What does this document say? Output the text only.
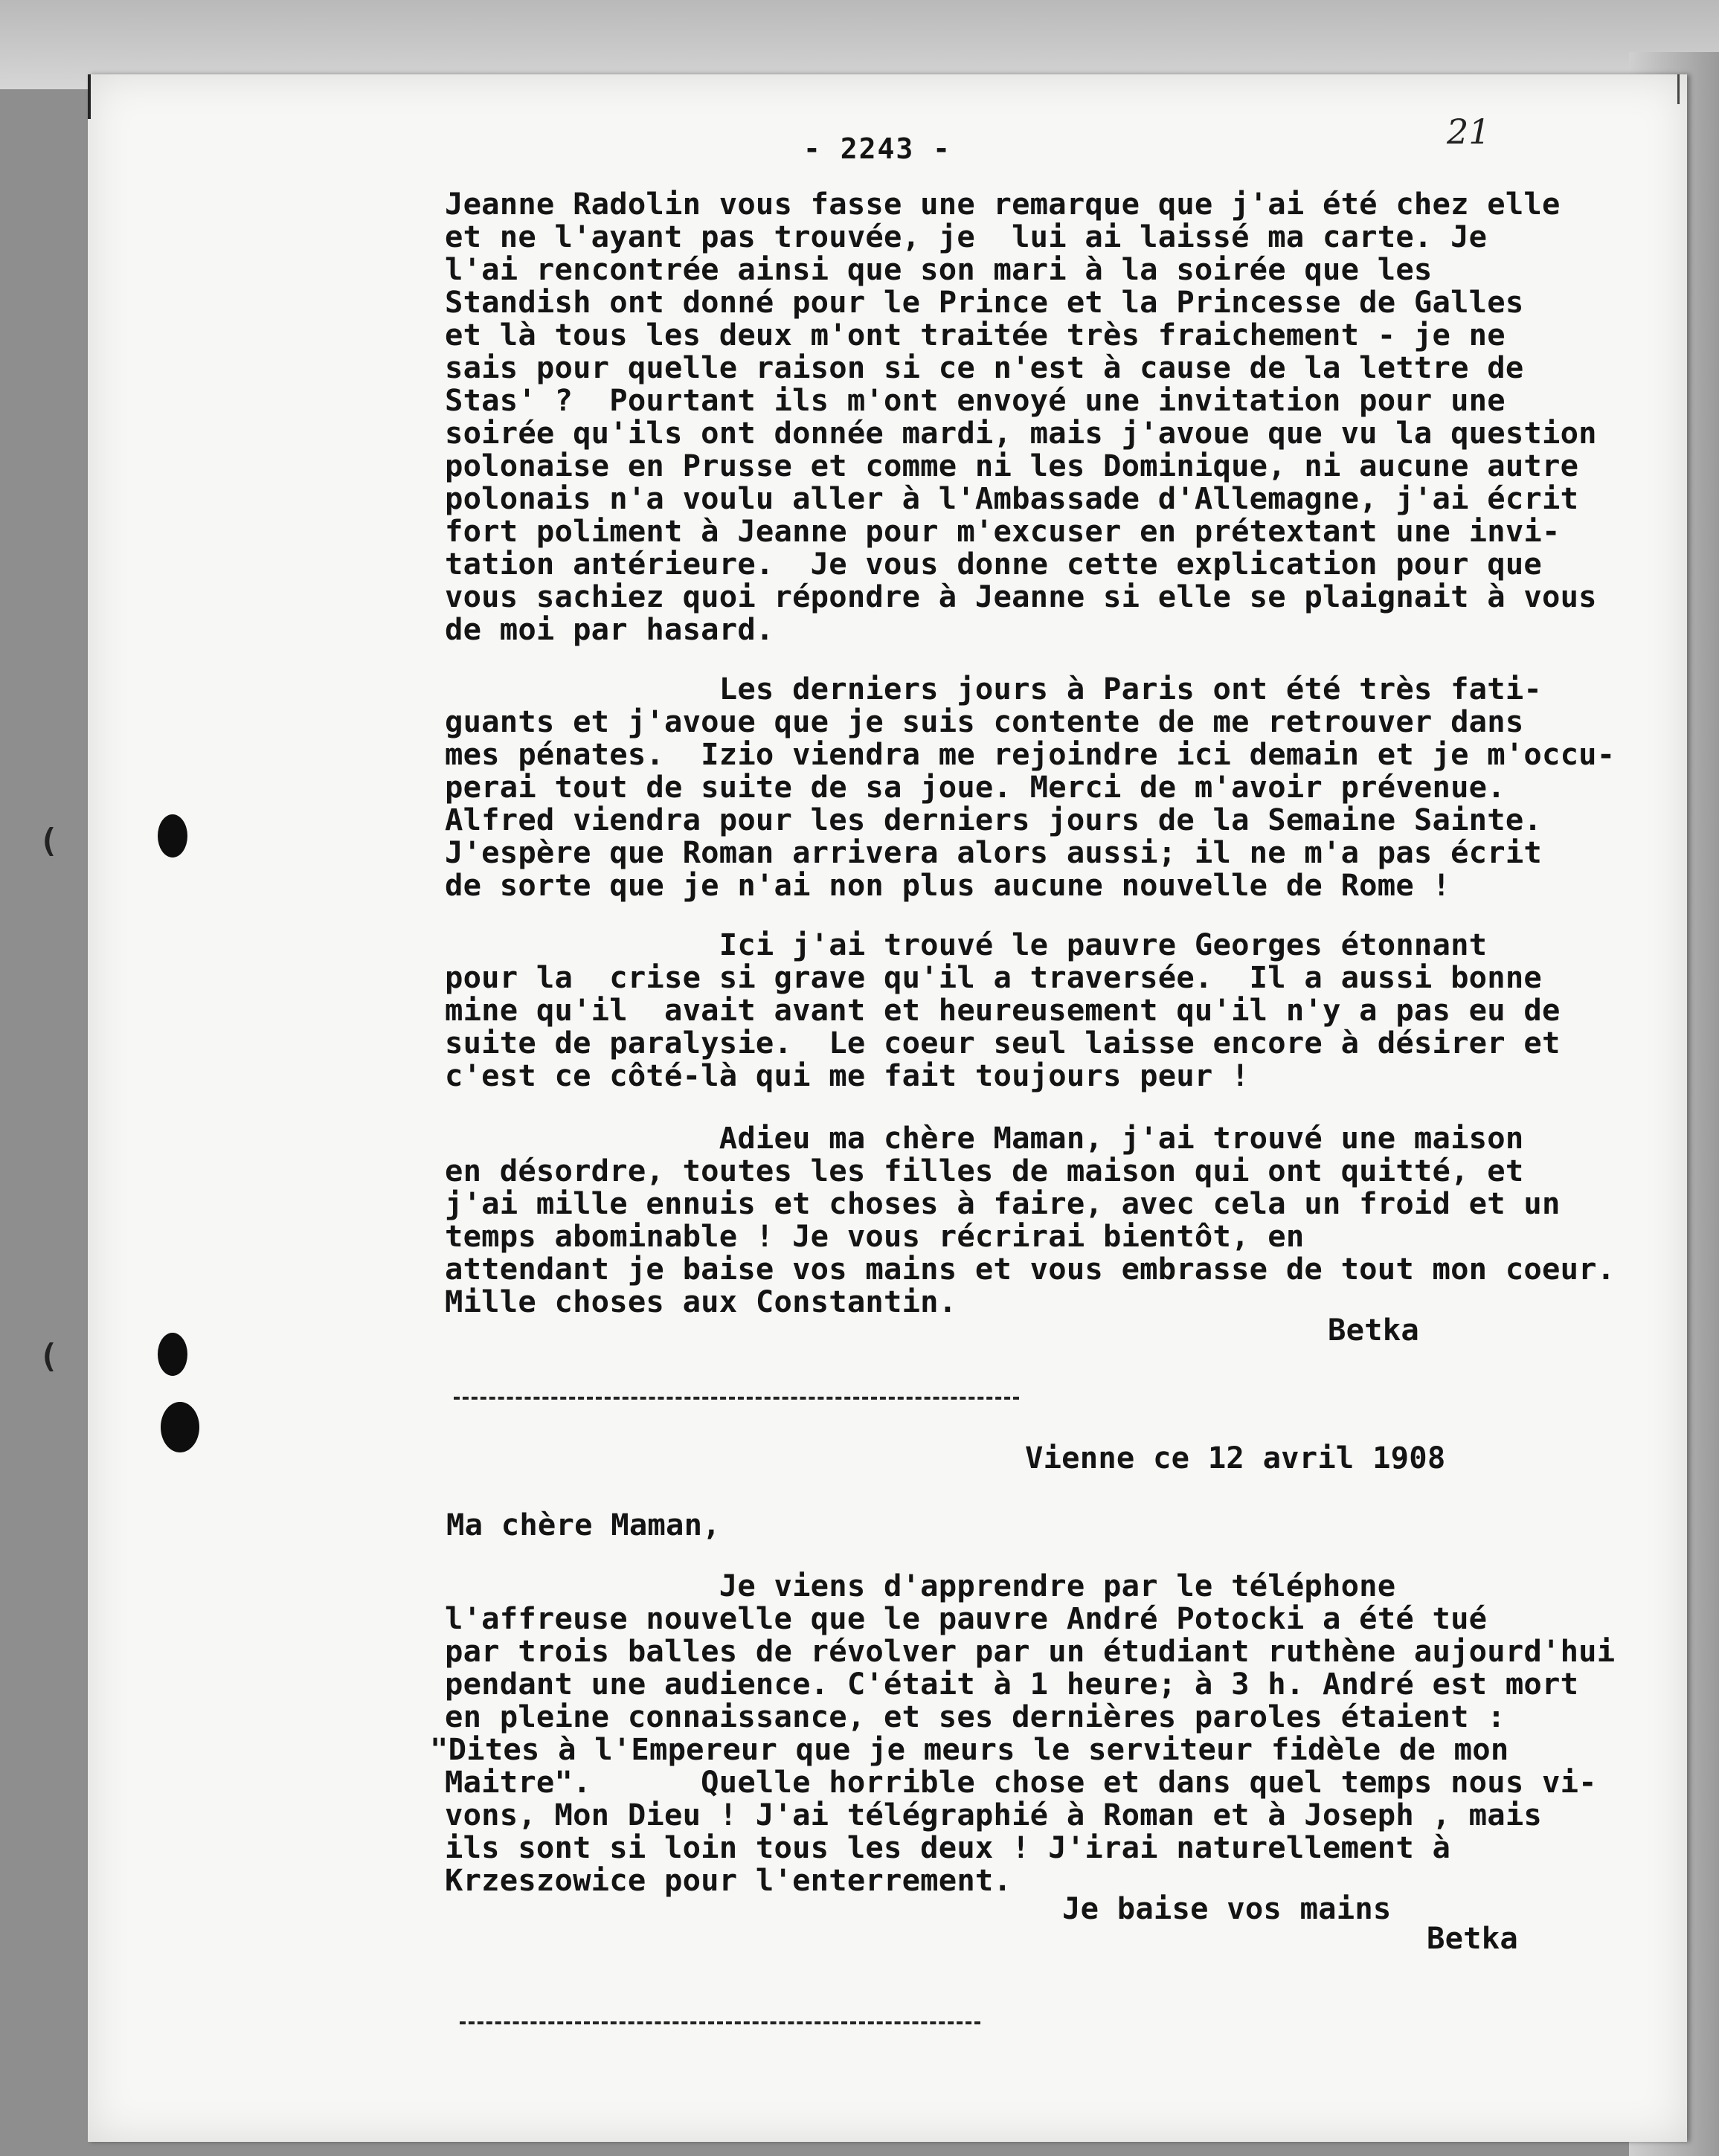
- 2243 -	21
(
(
Jeanne Radolin vous fasse une remarque que j'ai été chez elle
et ne l'ayant pas trouvée, je  lui ai laissé ma carte. Je
l'ai rencontrée ainsi que son mari à la soirée que les
Standish ont donné pour le Prince et la Princesse de Galles
et là tous les deux m'ont traitée très fraichement - je ne
sais pour quelle raison si ce n'est à cause de la lettre de
Stas' ?  Pourtant ils m'ont envoyé une invitation pour une
soirée qu'ils ont donnée mardi, mais j'avoue que vu la question
polonaise en Prusse et comme ni les Dominique, ni aucune autre
polonais n'a voulu aller à l'Ambassade d'Allemagne, j'ai écrit
fort poliment à Jeanne pour m'excuser en prétextant une invi-
tation antérieure.  Je vous donne cette explication pour que
vous sachiez quoi répondre à Jeanne si elle se plaignait à vous
de moi par hasard.
Les derniers jours à Paris ont été très fati-
guants et j'avoue que je suis contente de me retrouver dans
mes pénates.  Izio viendra me rejoindre ici demain et je m'occu-
perai tout de suite de sa joue. Merci de m'avoir prévenue.
Alfred viendra pour les derniers jours de la Semaine Sainte.
J'espère que Roman arrivera alors aussi; il ne m'a pas écrit
de sorte que je n'ai non plus aucune nouvelle de Rome !
Ici j'ai trouvé le pauvre Georges étonnant
pour la  crise si grave qu'il a traversée.  Il a aussi bonne
mine qu'il  avait avant et heureusement qu'il n'y a pas eu de
suite de paralysie.  Le coeur seul laisse encore à désirer et
c'est ce côté-là qui me fait toujours peur !
Adieu ma chère Maman, j'ai trouvé une maison
en désordre, toutes les filles de maison qui ont quitté, et
j'ai mille ennuis et choses à faire, avec cela un froid et un
temps abominable ! Je vous récrirai bientôt, en
attendant je baise vos mains et vous embrasse de tout mon coeur.
Mille choses aux Constantin.
Betka
Vienne ce 12 avril 1908
Ma chère Maman,
Je viens d'apprendre par le téléphone
l'affreuse nouvelle que le pauvre André Potocki a été tué
par trois balles de révolver par un étudiant ruthène aujourd'hui
pendant une audience. C'était à 1 heure; à 3 h. André est mort
en pleine connaissance, et ses dernières paroles étaient :
"Dites à l'Empereur que je meurs le serviteur fidèle de mon
Maitre".      Quelle horrible chose et dans quel temps nous vi-
vons, Mon Dieu ! J'ai télégraphié à Roman et à Joseph , mais
ils sont si loin tous les deux ! J'irai naturellement à
Krzeszowice pour l'enterrement.
Je baise vos mains
Betka
